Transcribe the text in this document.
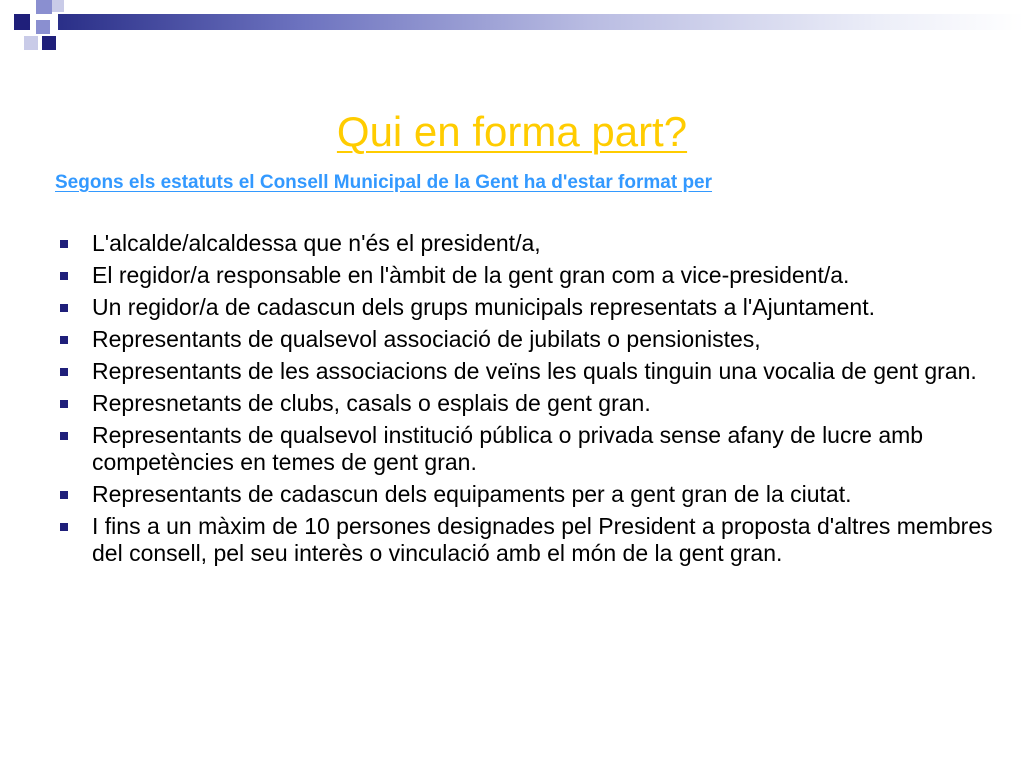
Qui en forma part?
Segons els estatuts el Consell Municipal de la Gent ha d'estar format per
L'alcalde/alcaldessa que n'és el president/a,
El regidor/a responsable en l'àmbit de la gent gran com a vice-president/a.
Un regidor/a de cadascun dels grups municipals representats a l'Ajuntament.
Representants de qualsevol associació de jubilats o pensionistes,
Representants de les associacions de veïns les quals tinguin una vocalia de gent gran.
Represnetants de clubs, casals o esplais de gent gran.
Representants de qualsevol institució pública o privada sense afany de lucre amb competències en temes de gent gran.
Representants de cadascun dels equipaments per a gent gran de la ciutat.
I fins a un màxim de 10 persones designades pel President a proposta d'altres membres del consell, pel seu interès o vinculació amb el món de la gent gran.
